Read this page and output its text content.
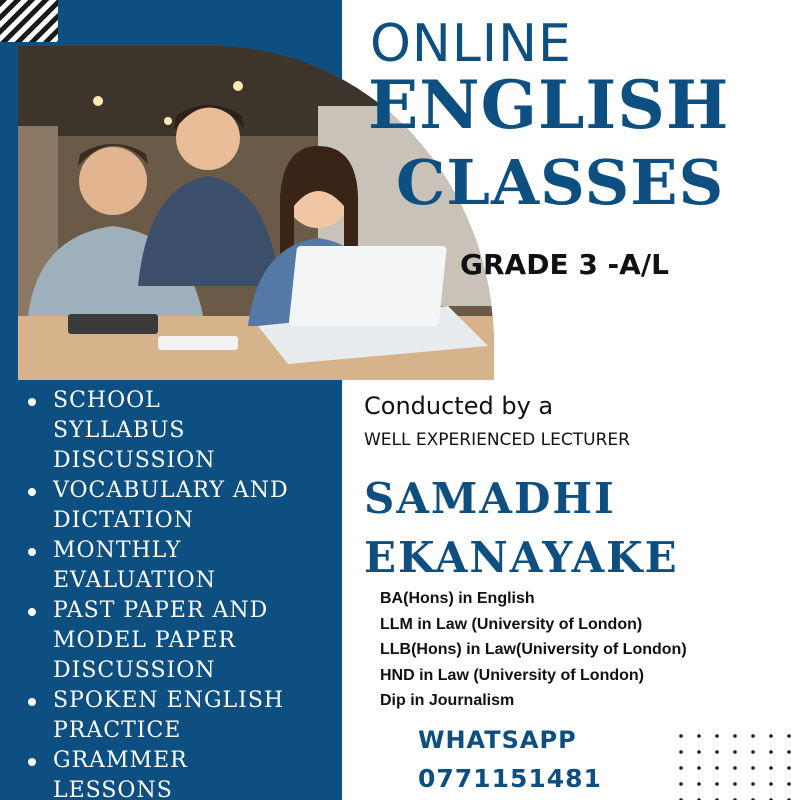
ONLINE
ENGLISH
CLASSES
GRADE 3 -A/L
SCHOOL
SYLLABUS
DISCUSSION
VOCABULARY AND
DICTATION
MONTHLY
EVALUATION
PAST PAPER AND
MODEL PAPER
DISCUSSION
SPOKEN ENGLISH
PRACTICE
GRAMMER
LESSONS
Conducted by a
WELL EXPERIENCED LECTURER
SAMADHI
EKANAYAKE
BA(Hons) in English
LLM in Law (University of London)
LLB(Hons) in Law(University of London)
HND in Law (University of London)
Dip in Journalism
WHATSAPP
0771151481
